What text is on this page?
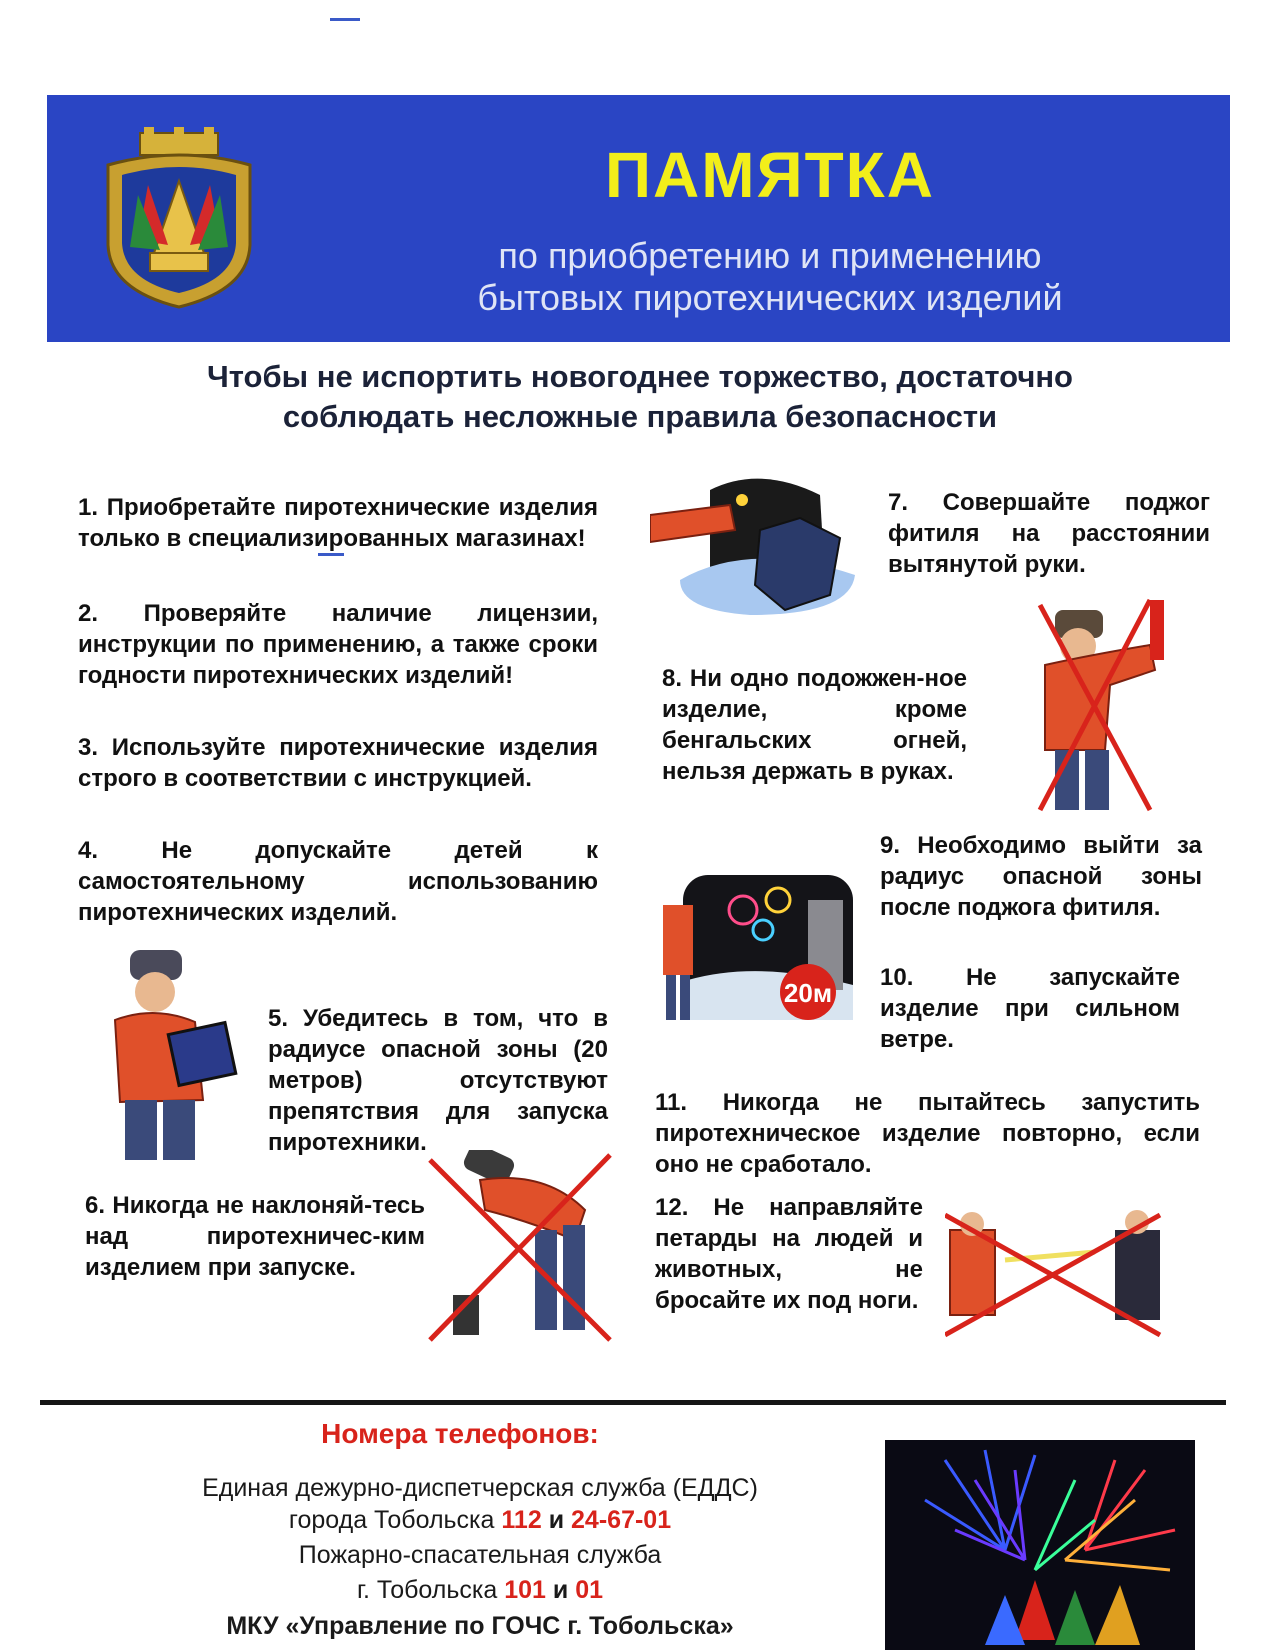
ПАМЯТКА
по приобретению и применению
бытовых пиротехнических изделий
Чтобы не испортить новогоднее торжество, достаточно
соблюдать несложные правила безопасности
1. Приобретайте пиротехнические изделия только в специализированных магазинах!
2. Проверяйте наличие лицензии, инструкции по применению, а также сроки годности пиротехнических изделий!
3. Используйте пиротехнические изделия строго в соответствии с инструкцией.
4. Не допускайте детей к самостоятельному использованию пиротехнических изделий.
5. Убедитесь в том, что в радиусе опасной зоны (20 метров) отсутствуют препятствия для запуска пиротехники.
6. Никогда не наклоняй-тесь над пиротехничес-ким изделием при запуске.
7. Совершайте поджог фитиля на расстоянии вытянутой руки.
8. Ни одно подожжен-ное изделие, кроме бенгальских огней, нельзя держать в руках.
20м
9. Необходимо выйти за радиус опасной зоны после поджога фитиля.
10. Не запускайте изделие при сильном ветре.
11. Никогда не пытайтесь запустить пиротехническое изделие повторно, если оно не сработало.
12. Не направляйте петарды на людей и животных, не бросайте их под ноги.
Номера телефонов:
Единая дежурно-диспетчерская служба (ЕДДС)
города Тобольска 112 и 24-67-01
Пожарно-спасательная служба
г. Тобольска 101 и 01
МКУ «Управление по ГОЧС г. Тобольска»
